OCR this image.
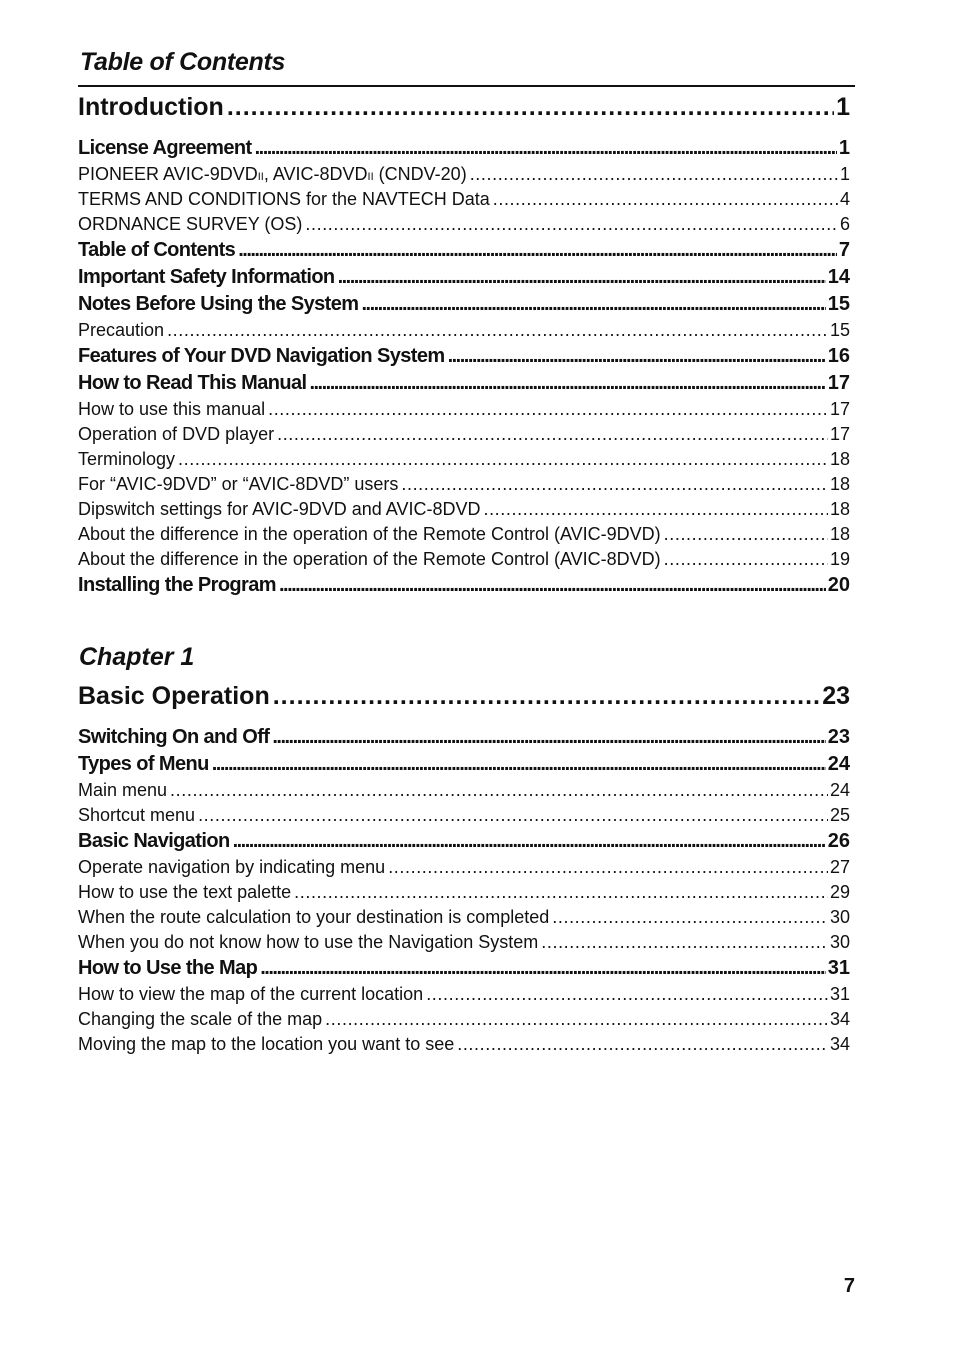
Table of Contents
Introduction .....	1
License Agreement .....	1
PIONEER AVIC-9DVDII, AVIC-8DVDII (CNDV-20) .....	1
TERMS AND CONDITIONS for the NAVTECH Data .....	4
ORDNANCE SURVEY (OS) .....	6
Table of Contents .....	7
Important Safety Information .....	14
Notes Before Using the System .....	15
Precaution .....	15
Features of Your DVD Navigation System .....	16
How to Read This Manual .....	17
How to use this manual .....	17
Operation of DVD player .....	17
Terminology .....	18
For “AVIC-9DVD” or “AVIC-8DVD” users .....	18
Dipswitch settings for AVIC-9DVD and AVIC-8DVD .....	18
About the difference in the operation of the Remote Control (AVIC-9DVD) .....	18
About the difference in the operation of the Remote Control (AVIC-8DVD) .....	19
Installing the Program .....	20
Chapter 1
Basic Operation .....	23
Switching On and Off .....	23
Types of Menu .....	24
Main menu .....	24
Shortcut menu .....	25
Basic Navigation .....	26
Operate navigation by indicating menu .....	27
How to use the text palette .....	29
When the route calculation to your destination is completed .....	30
When you do not know how to use the Navigation System .....	30
How to Use the Map .....	31
How to view the map of the current location .....	31
Changing the scale of the map .....	34
Moving the map to the location you want to see .....	34
7
